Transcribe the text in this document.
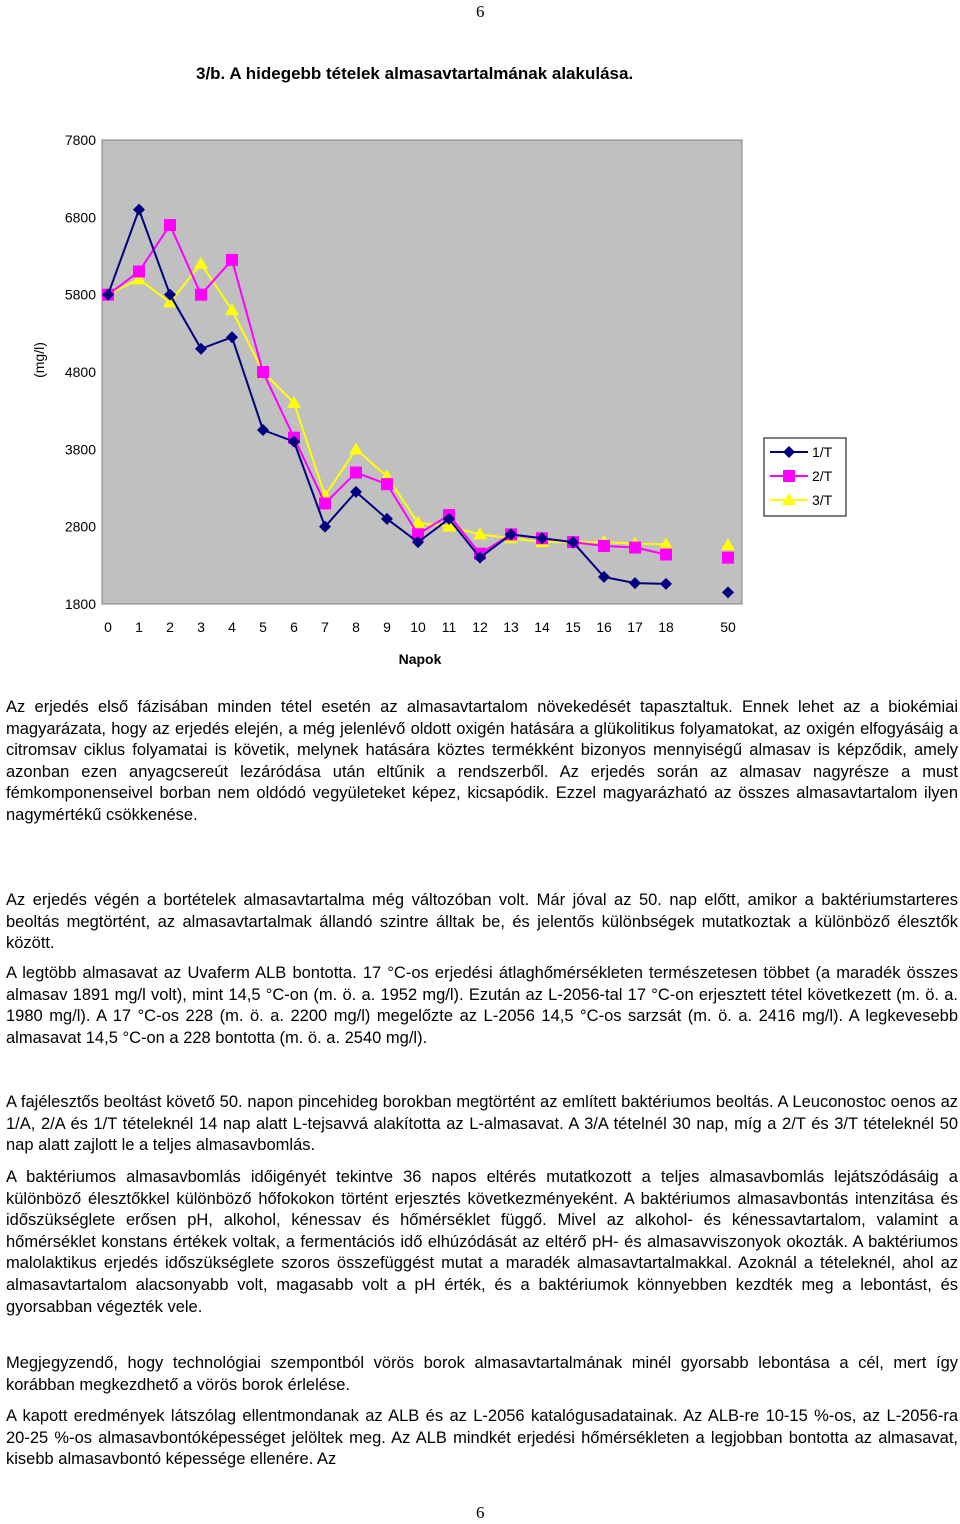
6
3/b. A hidegebb tételek almasavtartalmának alakulása.
1800
2800
3800
4800
5800
6800
7800
0 1 2 3 4 5 6 7 8 9 10 11 12 13 14 15 16 17 18	50
(mg/l)
Napok
1/T
2/T
3/T

Az erjedés első fázisában minden tétel esetén az almasavtartalom növekedését tapasztaltuk. Ennek lehet az a biokémiai magyarázata, hogy az erjedés elején, a még jelenlévő oldott oxigén hatására a glükolitikus folyamatokat, az oxigén elfogyásáig a citromsav ciklus folyamatai is követik, melynek hatására köztes termékként bizonyos mennyiségű almasav is képződik, amely azonban ezen anyagcsereút lezáródása után eltűnik a rendszerből. Az erjedés során az almasav nagyrésze a must fémkomponenseivel borban nem oldódó vegyületeket képez, kicsapódik. Ezzel magyarázható az összes almasavtartalom ilyen nagymértékű csökkenése.

Az erjedés végén a bortételek almasavtartalma még változóban volt. Már jóval az 50. nap előtt, amikor a baktériumstarteres beoltás megtörtént, az almasavtartalmak állandó szintre álltak be, és jelentős különbségek mutatkoztak a különböző élesztők között.

A legtöbb almasavat az Uvaferm ALB bontotta. 17 °C-os erjedési átlaghőmérsékleten természetesen többet (a maradék összes almasav 1891 mg/l volt), mint 14,5 °C-on (m. ö. a. 1952 mg/l). Ezután az L-2056-tal 17 °C-on erjesztett tétel következett (m. ö. a. 1980 mg/l). A 17 °C-os 228 (m. ö. a. 2200 mg/l) megelőzte az L-2056 14,5 °C-os sarzsát (m. ö. a. 2416 mg/l). A legkevesebb almasavat 14,5 °C-on a 228 bontotta (m. ö. a. 2540 mg/l).

A fajélesztős beoltást követő 50. napon pincehideg borokban megtörtént az említett baktériumos beoltás. A Leuconostoc oenos az 1/A, 2/A és 1/T tételeknél 14 nap alatt L-tejsavvá alakította az L-almasavat. A 3/A tételnél 30 nap, míg a 2/T és 3/T tételeknél 50 nap alatt zajlott le a teljes almasavbomlás.

A baktériumos almasavbomlás időigényét tekintve 36 napos eltérés mutatkozott a teljes almasavbomlás lejátszódásáig a különböző élesztőkkel különböző hőfokokon történt erjesztés következményeként. A baktériumos almasavbontás intenzitása és időszükséglete erősen pH, alkohol, kénessav és hőmérséklet függő. Mivel az alkohol- és kénessavtartalom, valamint a hőmérséklet konstans értékek voltak, a fermentációs idő elhúzódását az eltérő pH- és almasavviszonyok okozták. A baktériumos malolaktikus erjedés időszükséglete szoros összefüggést mutat a maradék almasavtartalmakkal. Azoknál a tételeknél, ahol az almasavtartalom alacsonyabb volt, magasabb volt a pH érték, és a baktériumok könnyebben kezdték meg a lebontást, és gyorsabban végezték vele.

Megjegyzendő, hogy technológiai szempontból vörös borok almasavtartalmának minél gyorsabb lebontása a cél, mert így korábban megkezdhető a vörös borok érlelése.

A kapott eredmények látszólag ellentmondanak az ALB és az L-2056 katalógusadatainak. Az ALB-re 10-15 %-os, az L-2056-ra 20-25 %-os almasavbontóképességet jelöltek meg. Az ALB mindkét erjedési hőmérsékleten a legjobban bontotta az almasavat, kisebb almasavbontó képessége ellenére. Az

6
